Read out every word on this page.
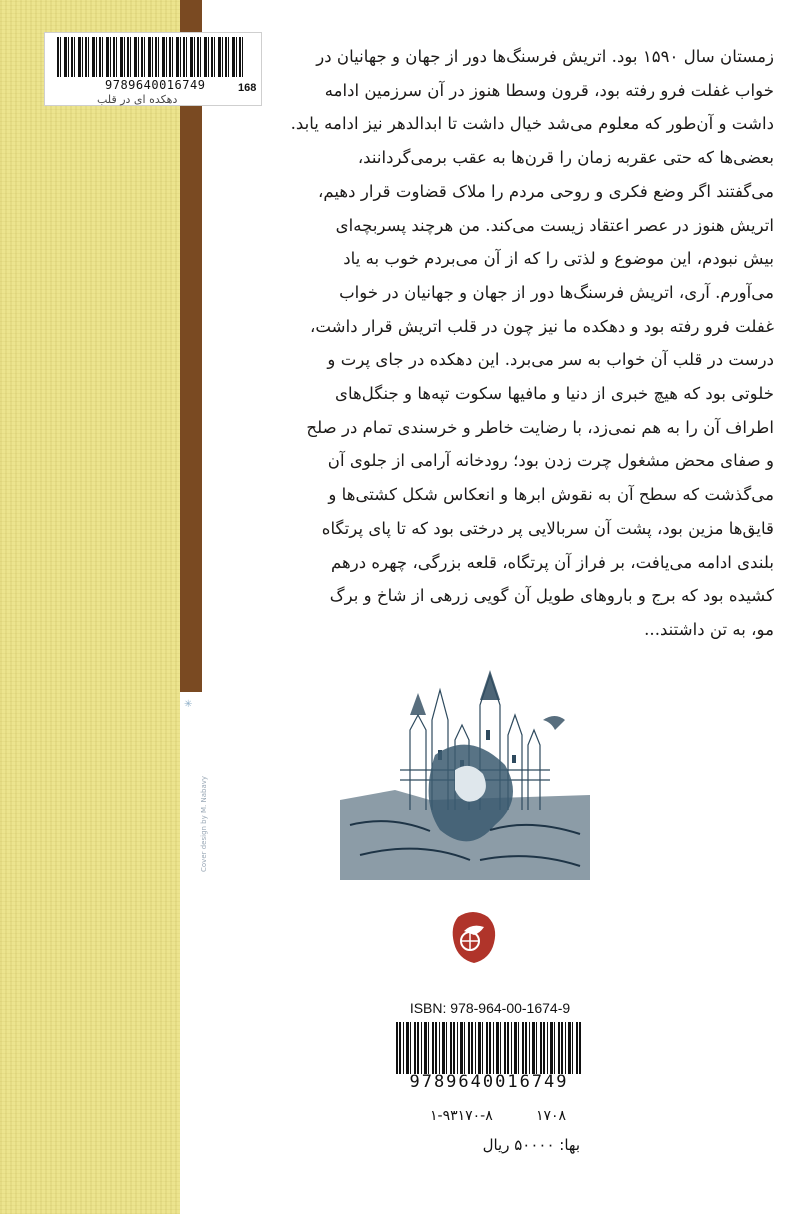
✳
Cover design by M. Nabavy
9789640016749
دهکده ای در قلب
168

زمستان سال ۱۵۹۰ بود. اتریش فرسنگ‌ها دور از جهان و جهانیان در

خواب غفلت فرو رفته بود، قرون وسطا هنوز در آن سرزمین ادامه

داشت و آن‌طور که معلوم می‌شد خیال داشت تا ابدالدهر نیز ادامه یابد.

بعضی‌ها که حتی عقربه زمان را قرن‌ها به عقب برمی‌گردانند،

می‌گفتند اگر وضع فکری و روحی مردم را ملاک قضاوت قرار دهیم،

اتریش هنوز در عصر اعتقاد زیست می‌کند. من هرچند پسربچه‌ای

بیش نبودم، این موضوع و لذتی را که از آن می‌بردم خوب به یاد

می‌آورم. آری، اتریش فرسنگ‌ها دور از جهان و جهانیان در خواب

غفلت فرو رفته بود و دهکده ما نیز چون در قلب اتریش قرار داشت،

درست در قلب آن خواب به سر می‌برد. این دهکده در جای پرت و

خلوتی بود که هیچ خبری از دنیا و مافیها سکوت تپه‌ها و جنگل‌های

اطراف آن را به هم نمی‌زد، با رضایت خاطر و خرسندی تمام در صلح

و صفای محض مشغول چرت زدن بود؛ رودخانه آرامی از جلوی آن

می‌گذشت که سطح آن به نقوش ابرها و انعکاس شکل کشتی‌ها و

قایق‌ها مزین بود، پشت آن سربالایی پر درختی بود که تا پای پرتگاه

بلندی ادامه می‌یافت، بر فراز آن پرتگاه، قلعه بزرگی، چهره درهم

کشیده بود که برج و باروهای طویل آن گویی زرهی از شاخ و برگ

مو، به تن داشتند...

ISBN: 978-964-00-1674-9
9789640016749
۱-۹۳۱۷۰-۸	۱۷۰۸
بها: ۵۰۰۰۰ ریال
